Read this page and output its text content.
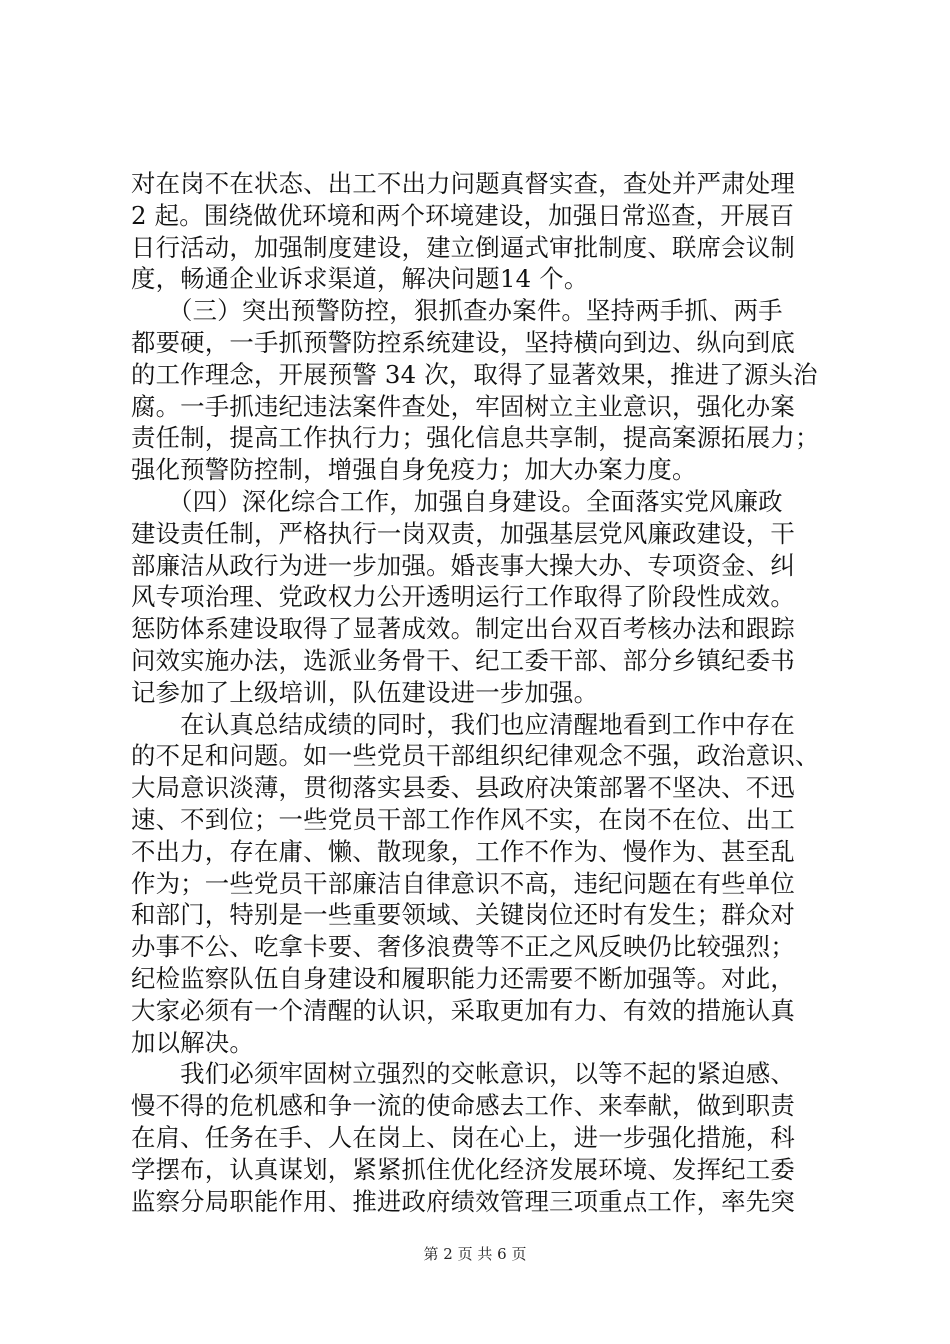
对在岗不在状态、出工不出力问题真督实查，查处并严肃处理
2 起。围绕做优环境和两个环境建设，加强日常巡查，开展百
日行活动，加强制度建设，建立倒逼式审批制度、联席会议制
度，畅通企业诉求渠道，解决问题14 个。
　　（三）突出预警防控，狠抓查办案件。坚持两手抓、两手
都要硬，一手抓预警防控系统建设，坚持横向到边、纵向到底
的工作理念，开展预警 34 次，取得了显著效果，推进了源头治
腐。一手抓违纪违法案件查处，牢固树立主业意识，强化办案
责任制，提高工作执行力；强化信息共享制，提高案源拓展力；
强化预警防控制，增强自身免疫力；加大办案力度。
　　（四）深化综合工作，加强自身建设。全面落实党风廉政
建设责任制，严格执行一岗双责，加强基层党风廉政建设，干
部廉洁从政行为进一步加强。婚丧事大操大办、专项资金、纠
风专项治理、党政权力公开透明运行工作取得了阶段性成效。
惩防体系建设取得了显著成效。制定出台双百考核办法和跟踪
问效实施办法，选派业务骨干、纪工委干部、部分乡镇纪委书
记参加了上级培训，队伍建设进一步加强。
　　在认真总结成绩的同时，我们也应清醒地看到工作中存在
的不足和问题。如一些党员干部组织纪律观念不强，政治意识、
大局意识淡薄，贯彻落实县委、县政府决策部署不坚决、不迅
速、不到位；一些党员干部工作作风不实，在岗不在位、出工
不出力，存在庸、懒、散现象，工作不作为、慢作为、甚至乱
作为；一些党员干部廉洁自律意识不高，违纪问题在有些单位
和部门，特别是一些重要领域、关键岗位还时有发生；群众对
办事不公、吃拿卡要、奢侈浪费等不正之风反映仍比较强烈；
纪检监察队伍自身建设和履职能力还需要不断加强等。对此，
大家必须有一个清醒的认识，采取更加有力、有效的措施认真
加以解决。
　　我们必须牢固树立强烈的交帐意识，以等不起的紧迫感、
慢不得的危机感和争一流的使命感去工作、来奉献，做到职责
在肩、任务在手、人在岗上、岗在心上，进一步强化措施，科
学摆布，认真谋划，紧紧抓住优化经济发展环境、发挥纪工委
监察分局职能作用、推进政府绩效管理三项重点工作，率先突
第 2 页 共 6 页
